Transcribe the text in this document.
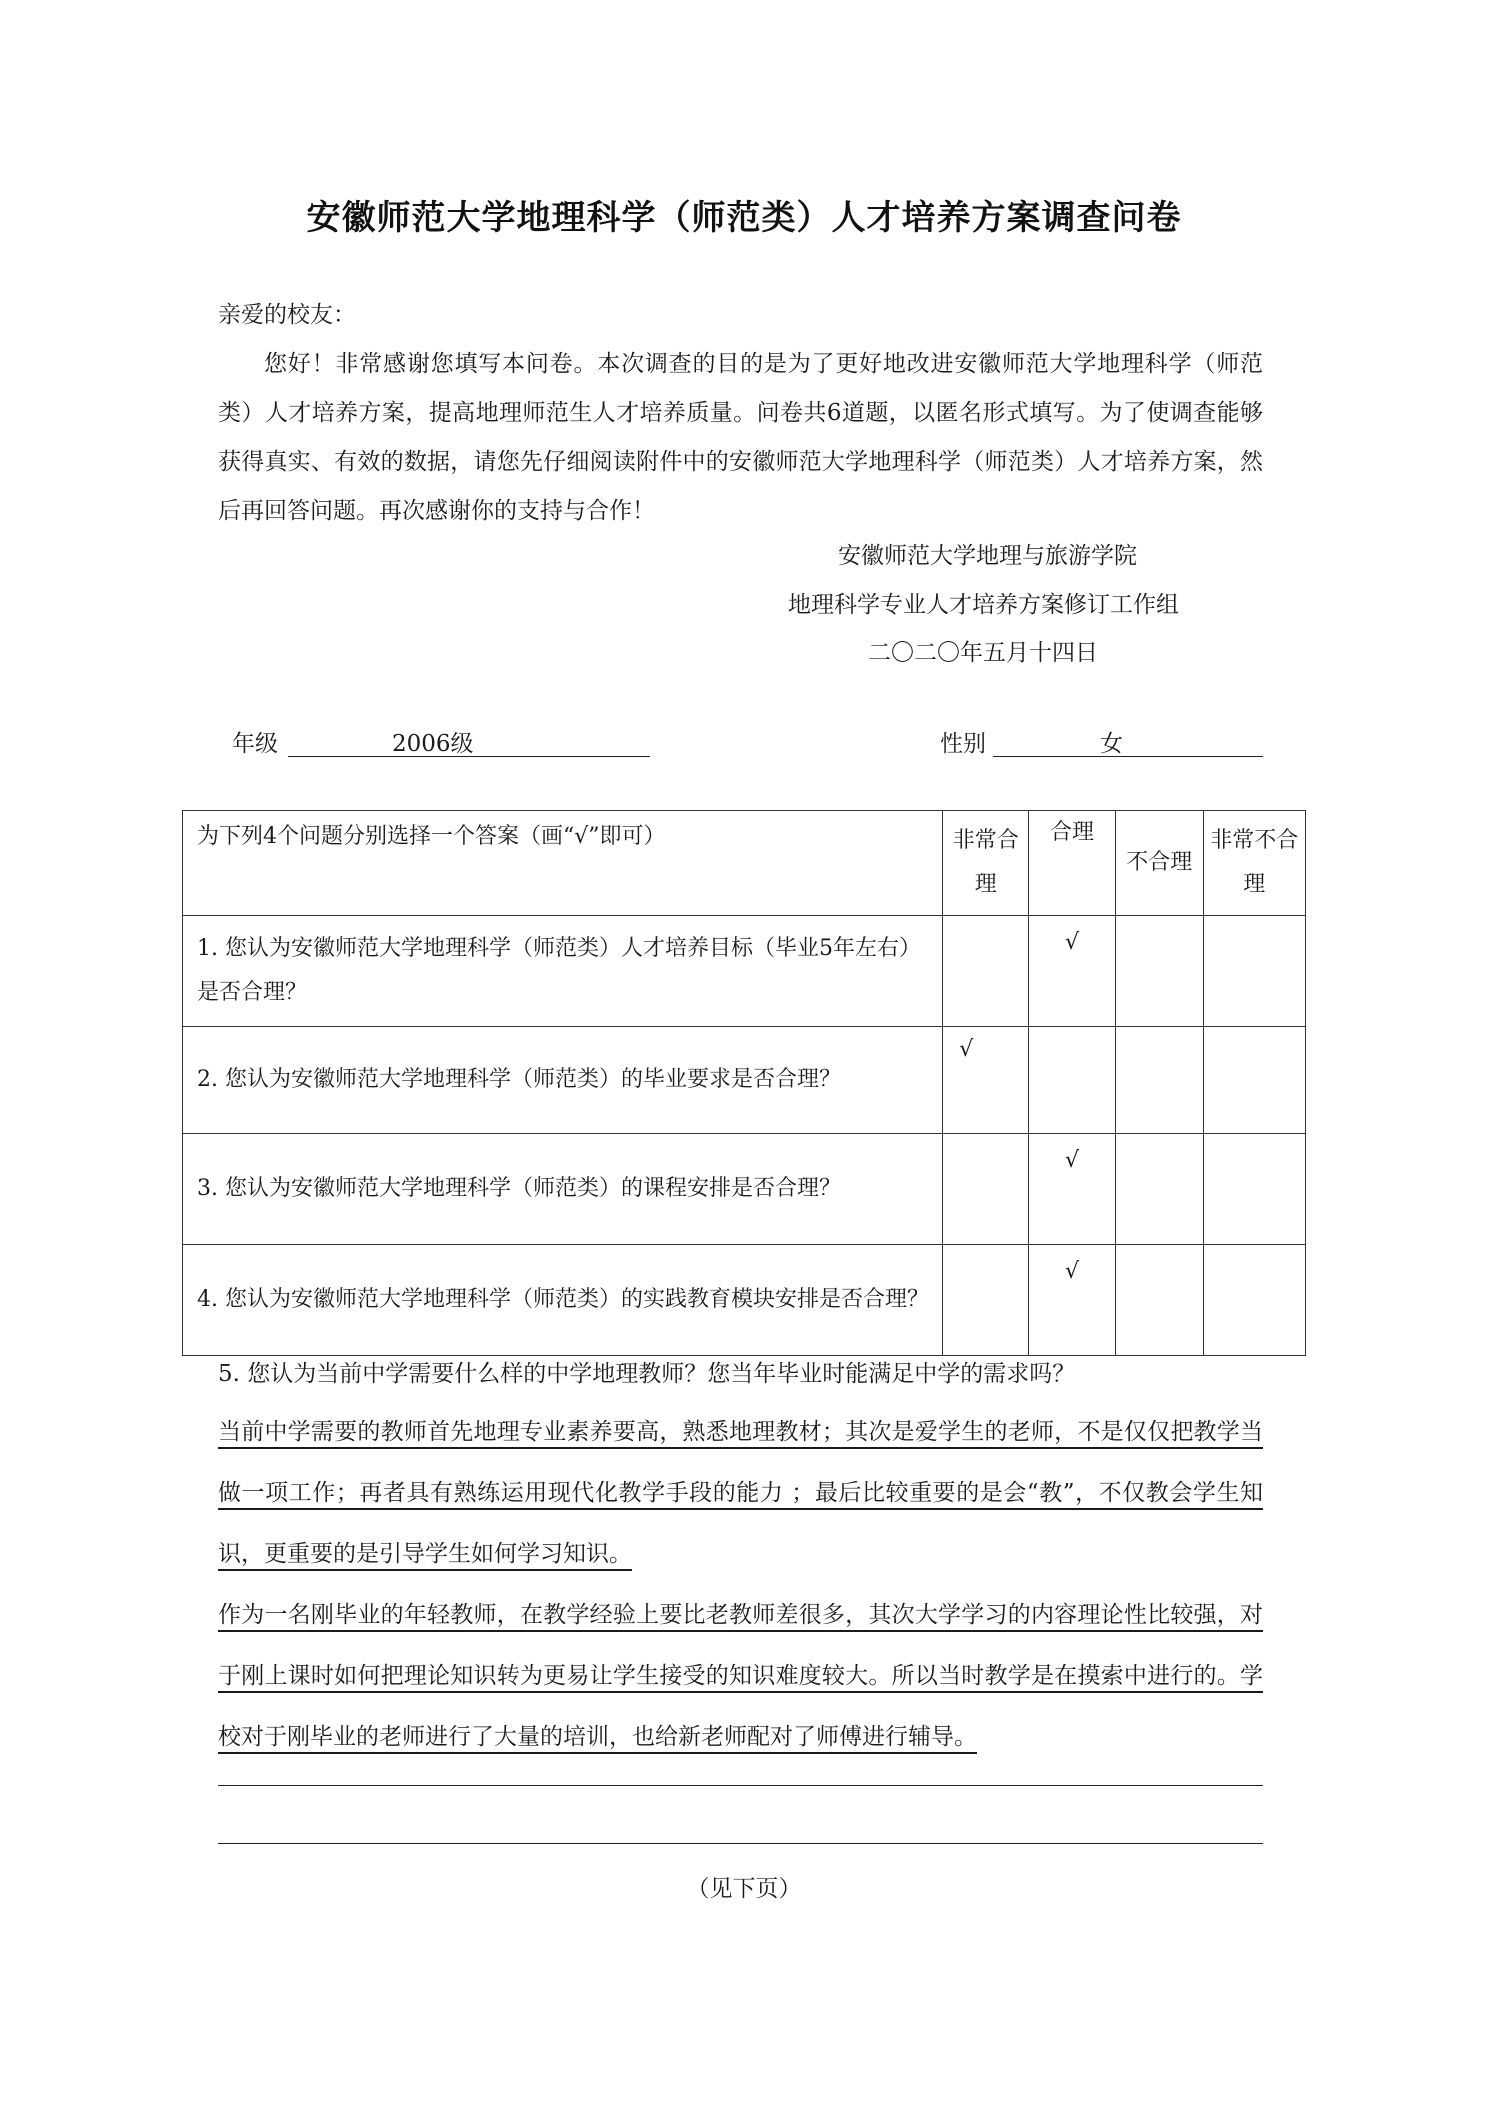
安徽师范大学地理科学（师范类）人才培养方案调查问卷
亲爱的校友：
您好！非常感谢您填写本问卷。本次调查的目的是为了更好地改进安徽师范大学地理科学（师范类）人才培养方案，提高地理师范生人才培养质量。问卷共6道题，以匿名形式填写。为了使调查能够获得真实、有效的数据，请您先仔细阅读附件中的安徽师范大学地理科学（师范类）人才培养方案，然后再回答问题。再次感谢你的支持与合作！
安徽师范大学地理与旅游学院
地理科学专业人才培养方案修订工作组
二〇二〇年五月十四日
年级	2006级	性别	女
为下列4个问题分别选择一个答案（画“√”即可）	非常合理	合理	不合理	非常不合理
1. 您认为安徽师范大学地理科学（师范类）人才培养目标（毕业5年左右）是否合理？		√		
2. 您认为安徽师范大学地理科学（师范类）的毕业要求是否合理？	√			
3. 您认为安徽师范大学地理科学（师范类）的课程安排是否合理？		√		
4. 您认为安徽师范大学地理科学（师范类）的实践教育模块安排是否合理？		√		
5. 您认为当前中学需要什么样的中学地理教师？您当年毕业时能满足中学的需求吗？

当前中学需要的教师首先地理专业素养要高，熟悉地理教材；其次是爱学生的老师，不是仅仅把教学当做一项工作；再者具有熟练运用现代化教学手段的能力 ；最后比较重要的是会“教”，不仅教会学生知识，更重要的是引导学生如何学习知识。

作为一名刚毕业的年轻教师，在教学经验上要比老教师差很多，其次大学学习的内容理论性比较强，对于刚上课时如何把理论知识转为更易让学生接受的知识难度较大。所以当时教学是在摸索中进行的。学校对于刚毕业的老师进行了大量的培训，也给新老师配对了师傅进行辅导。

（见下页）
